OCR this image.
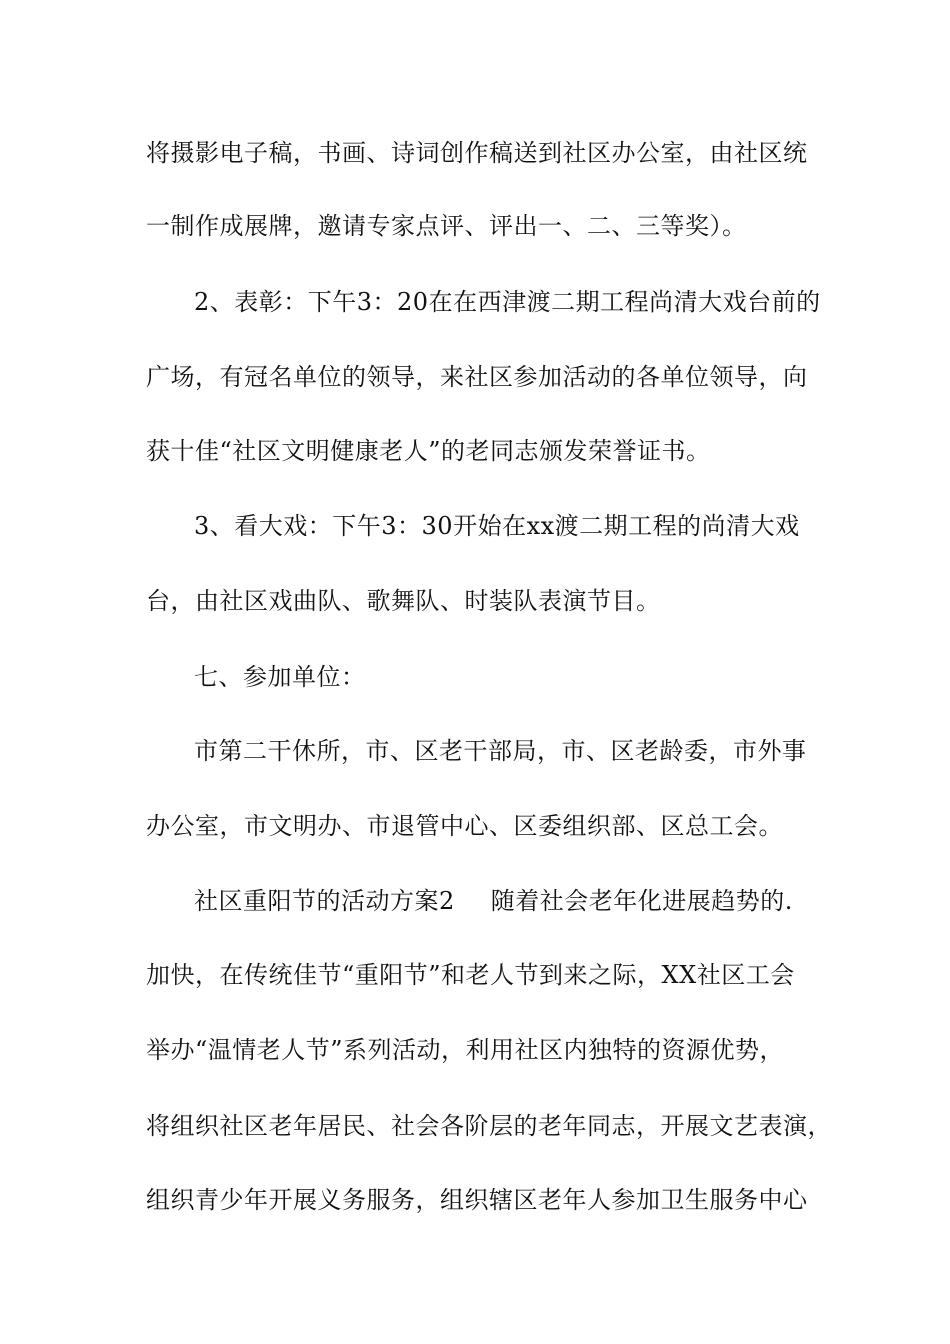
将摄影电子稿，书画、诗词创作稿送到社区办公室，由社区统
一制作成展牌，邀请专家点评、评出一、二、三等奖）。
2、表彰：下午3：20在在西津渡二期工程尚清大戏台前的
广场，有冠名单位的领导，来社区参加活动的各单位领导，向
获十佳“社区文明健康老人”的老同志颁发荣誉证书。
3、看大戏：下午3：30开始在xx渡二期工程的尚清大戏
台，由社区戏曲队、歌舞队、时装队表演节目。
七、参加单位：
市第二干休所，市、区老干部局，市、区老龄委，市外事
办公室，市文明办、市退管中心、区委组织部、区总工会。
社区重阳节的活动方案2 随着社会老年化进展趋势的.
加快，在传统佳节“重阳节”和老人节到来之际，XX社区工会
举办“温情老人节”系列活动，利用社区内独特的资源优势，
将组织社区老年居民、社会各阶层的老年同志，开展文艺表演，
组织青少年开展义务服务，组织辖区老年人参加卫生服务中心
